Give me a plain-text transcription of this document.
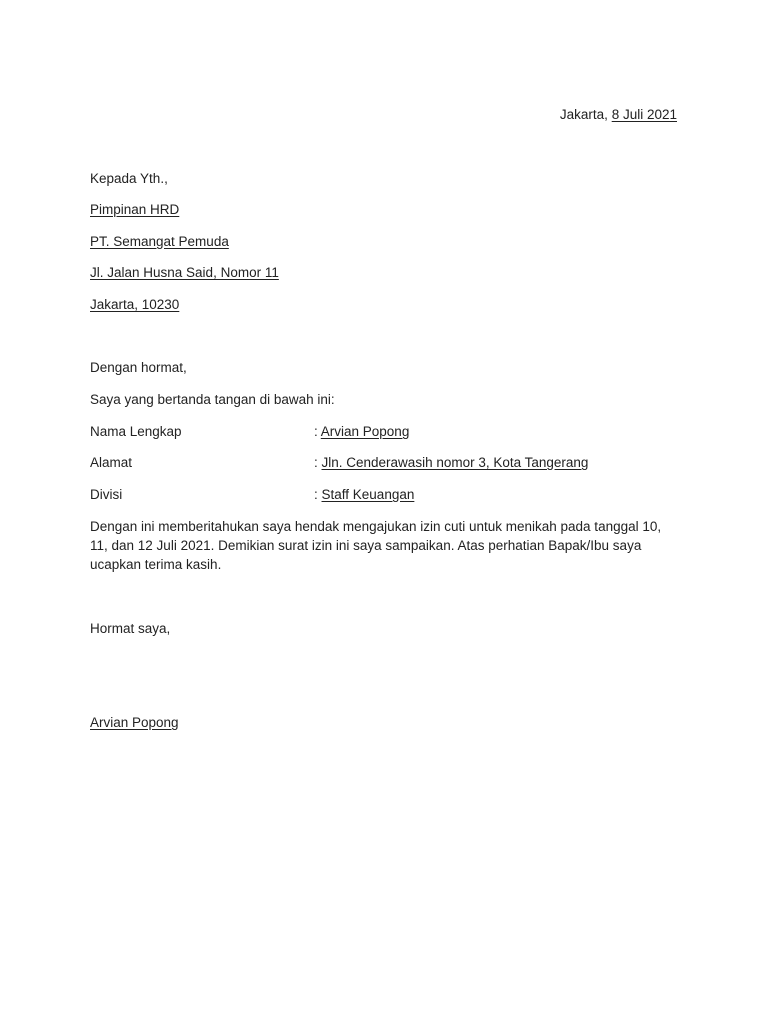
Jakarta, 8 Juli 2021
Kepada Yth.,
Pimpinan HRD
PT. Semangat Pemuda
Jl. Jalan Husna Said, Nomor 11
Jakarta, 10230
Dengan hormat,
Saya yang bertanda tangan di bawah ini:
Nama Lengkap	: Arvian Popong
Alamat	: Jln. Cenderawasih nomor 3, Kota Tangerang
Divisi	: Staff Keuangan
Dengan ini memberitahukan saya hendak mengajukan izin cuti untuk menikah pada tanggal 10, 11, dan 12 Juli 2021. Demikian surat izin ini saya sampaikan. Atas perhatian Bapak/Ibu saya ucapkan terima kasih.
Hormat saya,
Arvian Popong
